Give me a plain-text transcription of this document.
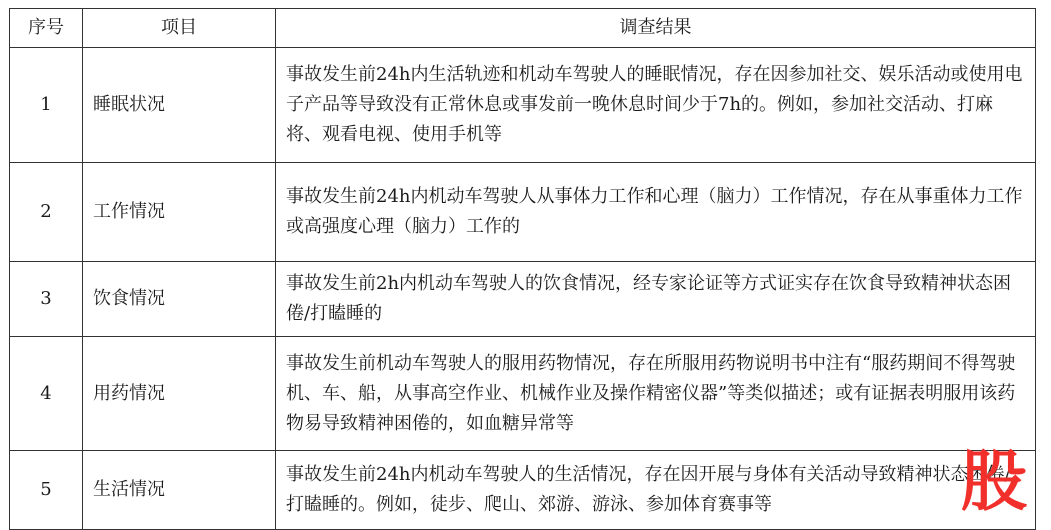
序号	项目	调查结果
1	睡眠状况	事故发生前24h内生活轨迹和机动车驾驶人的睡眠情况，存在因参加社交、娱乐活动或使用电子产品等导致没有正常休息或事发前一晚休息时间少于7h的。例如，参加社交活动、打麻将、观看电视、使用手机等
2	工作情况	事故发生前24h内机动车驾驶人从事体力工作和心理（脑力）工作情况，存在从事重体力工作或高强度心理（脑力）工作的
3	饮食情况	事故发生前2h内机动车驾驶人的饮食情况，经专家论证等方式证实存在饮食导致精神状态困倦/打瞌睡的
4	用药情况	事故发生前机动车驾驶人的服用药物情况，存在所服用药物说明书中注有“服药期间不得驾驶机、车、船，从事高空作业、机械作业及操作精密仪器”等类似描述；或有证据表明服用该药物易导致精神困倦的，如血糖异常等
5	生活情况	事故发生前24h内机动车驾驶人的生活情况，存在因开展与身体有关活动导致精神状态困倦/打瞌睡的。例如，徒步、爬山、郊游、游泳、参加体育赛事等	股
